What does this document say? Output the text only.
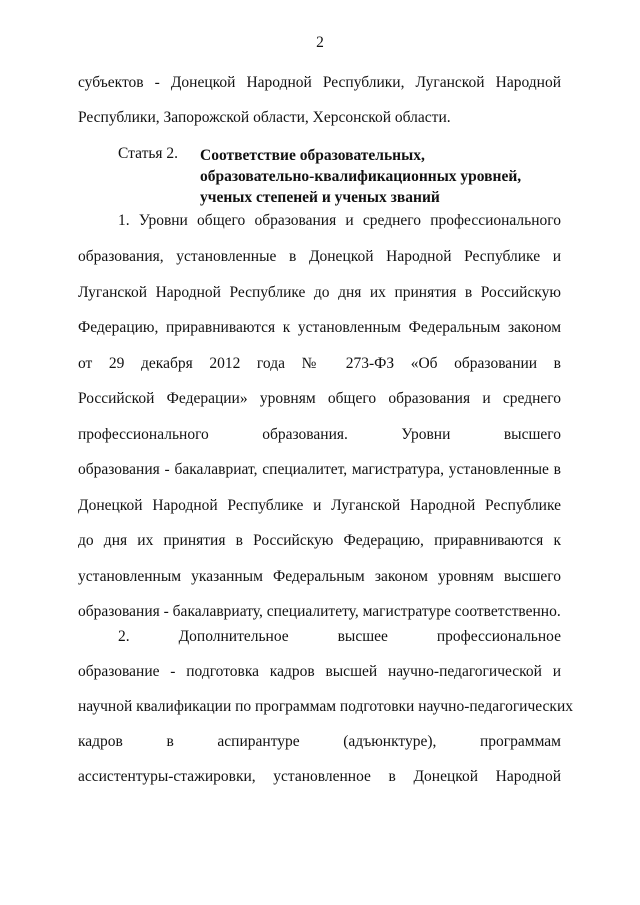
2
субъектов - Донецкой Народной Республики, Луганской Народной
Республики, Запорожской области, Херсонской области.
Статья 2. Соответствие образовательных,
образовательно-квалификационных уровней,
ученых степеней и ученых званий
1. Уровни общего образования и среднего профессионального
образования, установленные в Донецкой Народной Республике и
Луганской Народной Республике до дня их принятия в Российскую
Федерацию, приравниваются к установленным Федеральным законом
от 29 декабря 2012 года № 273-ФЗ «Об образовании в
Российской Федерации» уровням общего образования и среднего
профессионального образования. Уровни высшего
образования - бакалавриат, специалитет, магистратура, установленные в
Донецкой Народной Республике и Луганской Народной Республике
до дня их принятия в Российскую Федерацию, приравниваются к
установленным указанным Федеральным законом уровням высшего
образования - бакалавриату, специалитету, магистратуре соответственно.
2. Дополнительное высшее профессиональное
образование - подготовка кадров высшей научно-педагогической и
научной квалификации по программам подготовки научно-педагогических
кадров в аспирантуре (адъюнктуре), программам
ассистентуры-стажировки, установленное в Донецкой Народной
